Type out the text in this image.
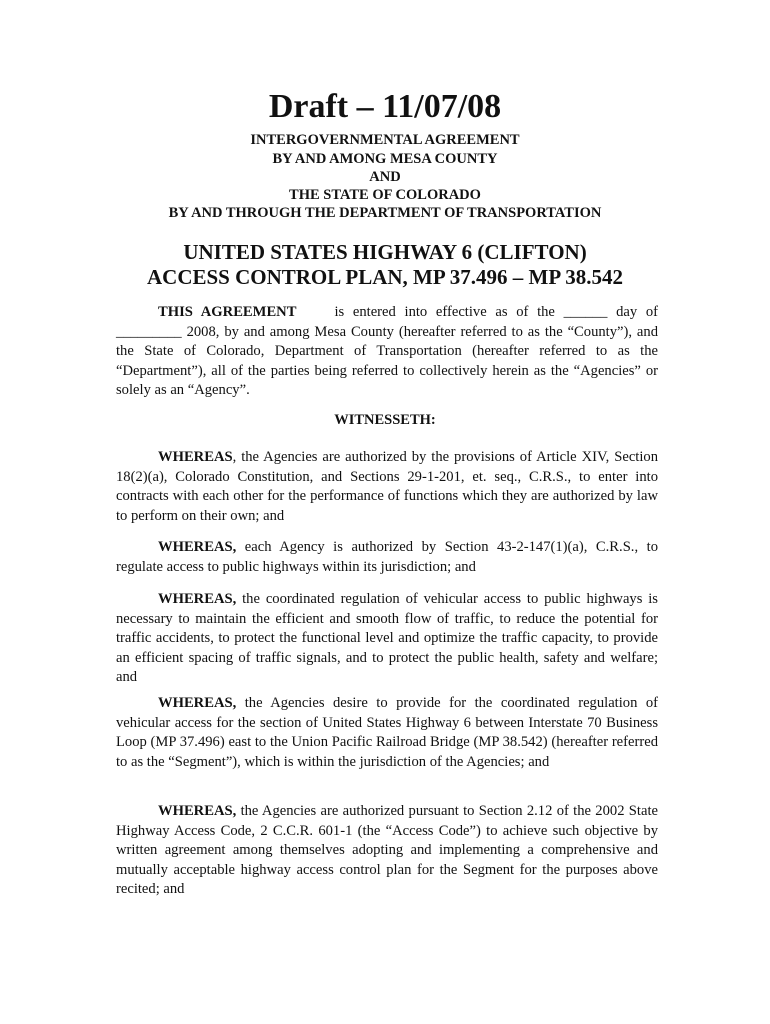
Draft – 11/07/08
INTERGOVERNMENTAL AGREEMENT
BY AND AMONG MESA COUNTY
AND
THE STATE OF COLORADO
BY AND THROUGH THE DEPARTMENT OF TRANSPORTATION
UNITED STATES HIGHWAY 6 (CLIFTON)
ACCESS CONTROL PLAN, MP 37.496 – MP 38.542

THIS AGREEMENT	is entered into effective as of the ______ day of _________ 2008, by and among Mesa County (hereafter referred to as the “County”), and the State of Colorado, Department of Transportation (hereafter referred to as the “Department”), all of the parties being referred to collectively herein as the “Agencies” or solely as an “Agency”.

WITNESSETH:

WHEREAS, the Agencies are authorized by the provisions of Article XIV, Section 18(2)(a), Colorado Constitution, and Sections 29-1-201, et. seq., C.R.S., to enter into contracts with each other for the performance of functions which they are authorized by law to perform on their own; and

WHEREAS, each Agency is authorized by Section 43-2-147(1)(a), C.R.S., to regulate access to public highways within its jurisdiction; and

WHEREAS, the coordinated regulation of vehicular access to public highways is necessary to maintain the efficient and smooth flow of traffic, to reduce the potential for traffic accidents, to protect the functional level and optimize the traffic capacity, to provide an efficient spacing of traffic signals, and to protect the public health, safety and welfare; and

WHEREAS, the Agencies desire to provide for the coordinated regulation of vehicular access for the section of United States Highway 6 between Interstate 70 Business Loop (MP 37.496) east to the Union Pacific Railroad Bridge (MP 38.542) (hereafter referred to as the “Segment”), which is within the jurisdiction of the Agencies; and

WHEREAS, the Agencies are authorized pursuant to Section 2.12 of the 2002 State Highway Access Code, 2 C.C.R. 601-1 (the “Access Code”) to achieve such objective by written agreement among themselves adopting and implementing a comprehensive and mutually acceptable highway access control plan for the Segment for the purposes above recited; and
